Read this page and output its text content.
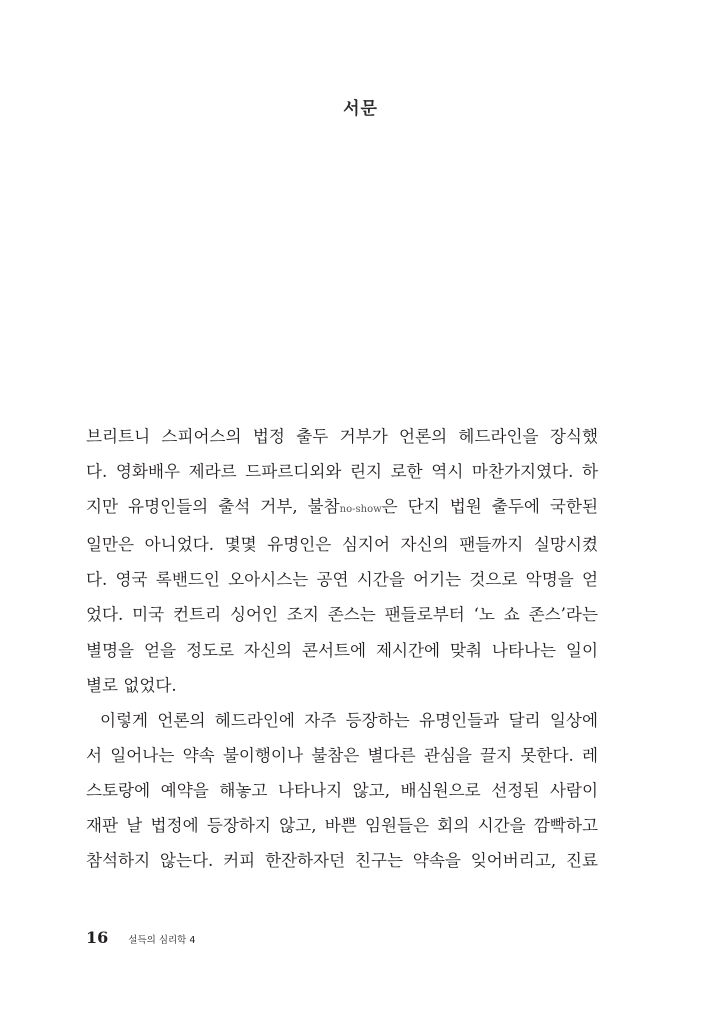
서문
브리트니 스피어스의 법정 출두 거부가 언론의 헤드라인을 장식했
다. 영화배우 제라르 드파르디외와 린지 로한 역시 마찬가지였다. 하
지만 유명인들의 출석 거부, 불참no-show은 단지 법원 출두에 국한된
일만은 아니었다. 몇몇 유명인은 심지어 자신의 팬들까지 실망시켰
다. 영국 록밴드인 오아시스는 공연 시간을 어기는 것으로 악명을 얻
었다. 미국 컨트리 싱어인 조지 존스는 팬들로부터 ‘노 쇼 존스’라는
별명을 얻을 정도로 자신의 콘서트에 제시간에 맞춰 나타나는 일이
별로 없었다.
이렇게 언론의 헤드라인에 자주 등장하는 유명인들과 달리 일상에
서 일어나는 약속 불이행이나 불참은 별다른 관심을 끌지 못한다. 레
스토랑에 예약을 해놓고 나타나지 않고, 배심원으로 선정된 사람이
재판 날 법정에 등장하지 않고, 바쁜 임원들은 회의 시간을 깜빡하고
참석하지 않는다. 커피 한잔하자던 친구는 약속을 잊어버리고, 진료
16 설득의 심리학 4
